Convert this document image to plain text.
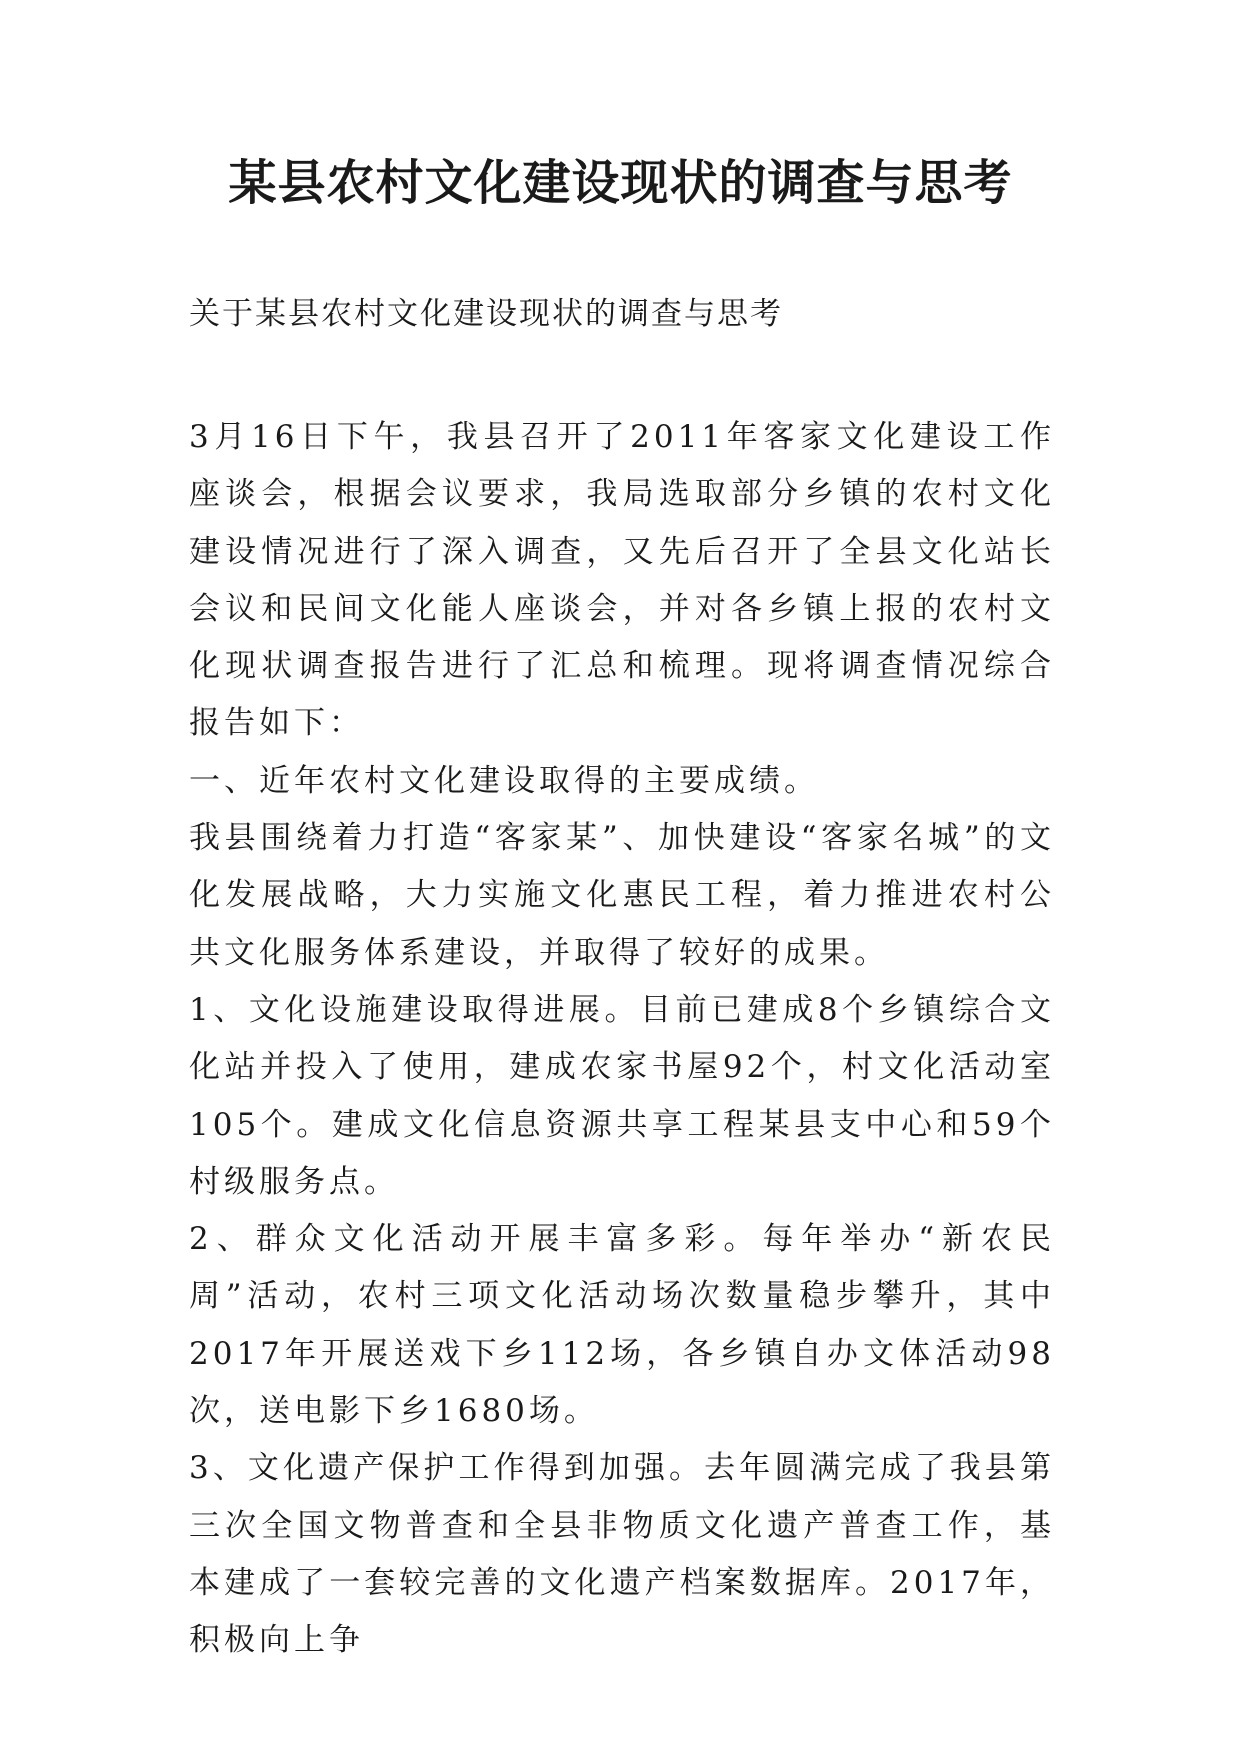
某县农村文化建设现状的调查与思考

关于某县农村文化建设现状的调查与思考

3月16日下午，我县召开了2011年客家文化建设工作座谈会，根据会议要求，我局选取部分乡镇的农村文化建设情况进行了深入调查，又先后召开了全县文化站长会议和民间文化能人座谈会，并对各乡镇上报的农村文化现状调查报告进行了汇总和梳理。现将调查情况综合报告如下：

一、近年农村文化建设取得的主要成绩。

我县围绕着力打造“客家某”、加快建设“客家名城”的文化发展战略，大力实施文化惠民工程，着力推进农村公共文化服务体系建设，并取得了较好的成果。

1、文化设施建设取得进展。目前已建成8个乡镇综合文化站并投入了使用，建成农家书屋92个，村文化活动室105个。建成文化信息资源共享工程某县支中心和59个村级服务点。

2、群众文化活动开展丰富多彩。每年举办“新农民周”活动，农村三项文化活动场次数量稳步攀升，其中2017年开展送戏下乡112场，各乡镇自办文体活动98次，送电影下乡1680场。

3、文化遗产保护工作得到加强。去年圆满完成了我县第三次全国文物普查和全县非物质文化遗产普查工作，基本建成了一套较完善的文化遗产档案数据库。2017年，积极向上争
